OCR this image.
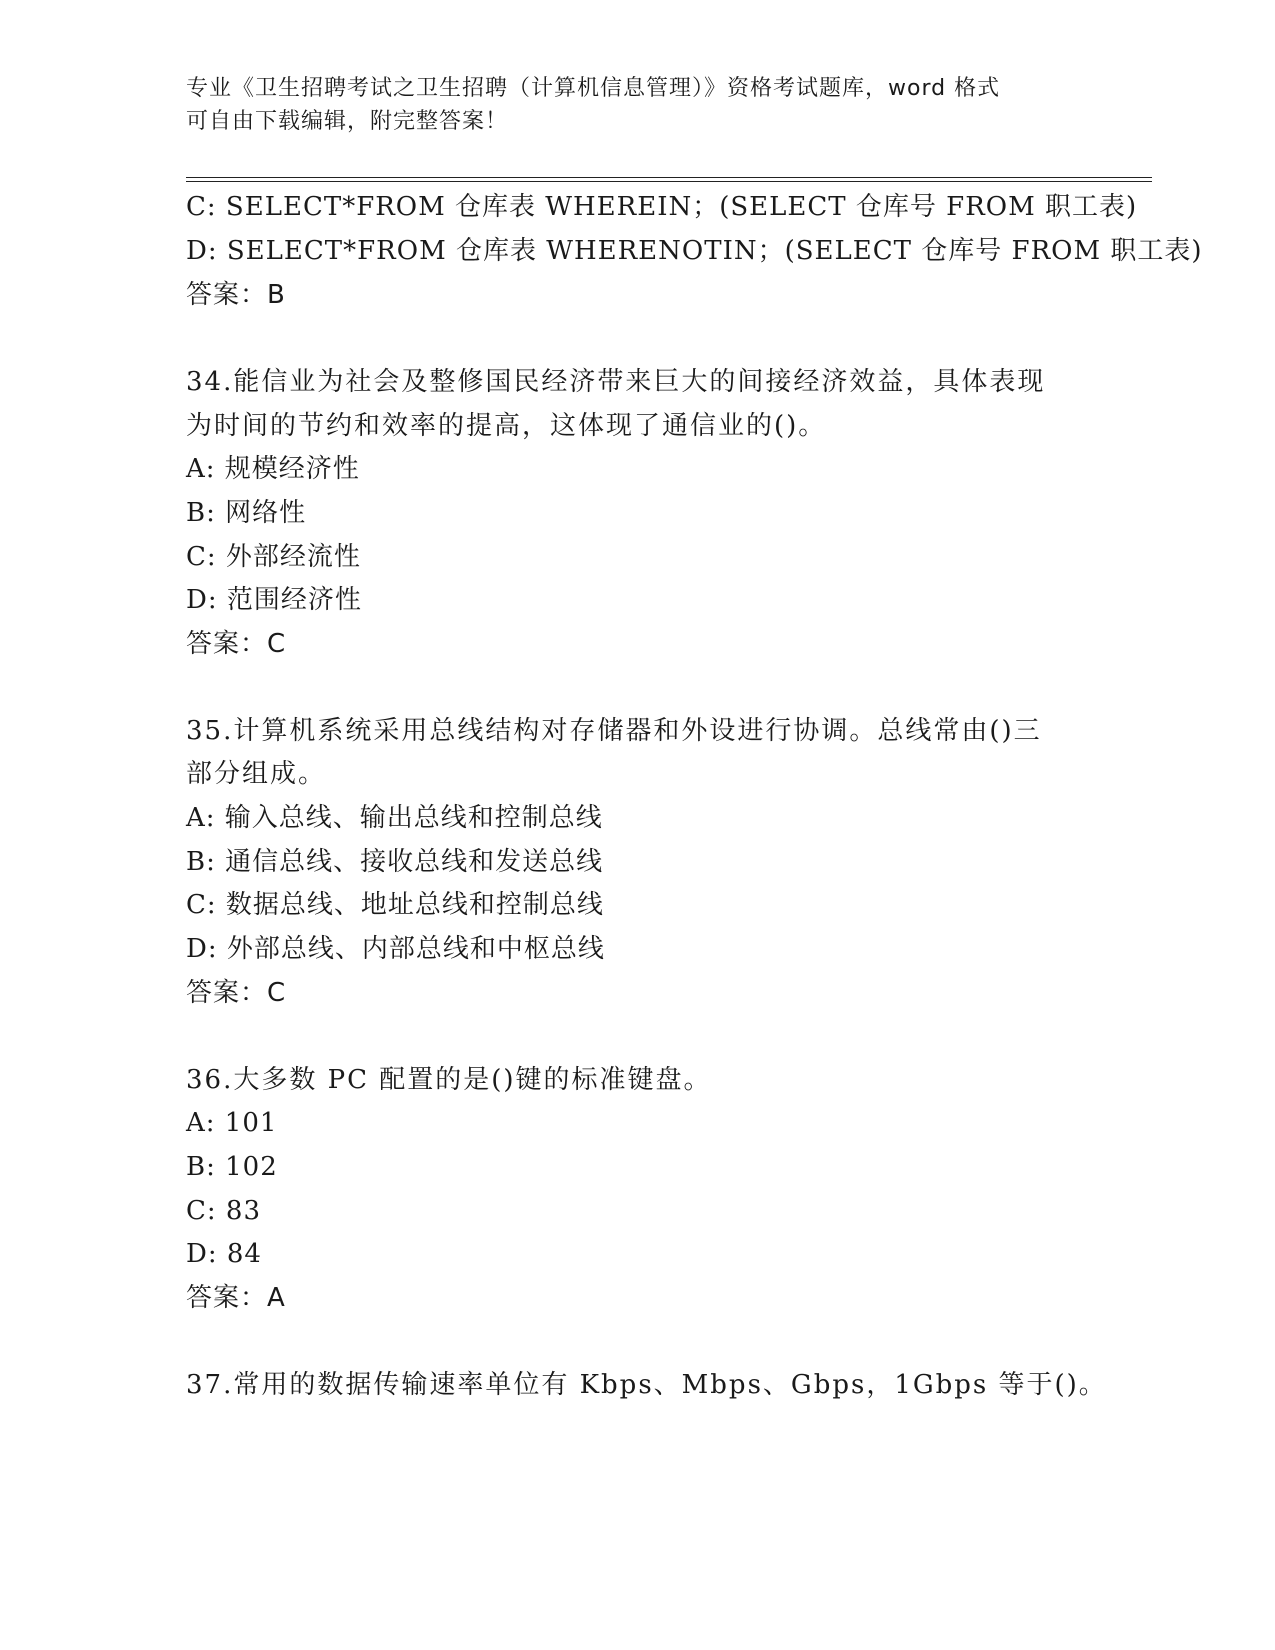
专业《卫生招聘考试之卫生招聘（计算机信息管理）》资格考试题库，word 格式
可自由下载编辑，附完整答案！
C: SELECT*FROM 仓库表 WHEREIN；(SELECT 仓库号 FROM 职工表)
D: SELECT*FROM 仓库表 WHERENOTIN；(SELECT 仓库号 FROM 职工表)
答案：B
34.能信业为社会及整修国民经济带来巨大的间接经济效益，具体表现
为时间的节约和效率的提高，这体现了通信业的()。
A: 规模经济性
B: 网络性
C: 外部经流性
D: 范围经济性
答案：C
35.计算机系统采用总线结构对存储器和外设进行协调。总线常由()三
部分组成。
A: 输入总线、输出总线和控制总线
B: 通信总线、接收总线和发送总线
C: 数据总线、地址总线和控制总线
D: 外部总线、内部总线和中枢总线
答案：C
36.大多数 PC 配置的是()键的标准键盘。
A: 101
B: 102
C: 83
D: 84
答案：A
37.常用的数据传输速率单位有 Kbps、Mbps、Gbps，1Gbps 等于()。
